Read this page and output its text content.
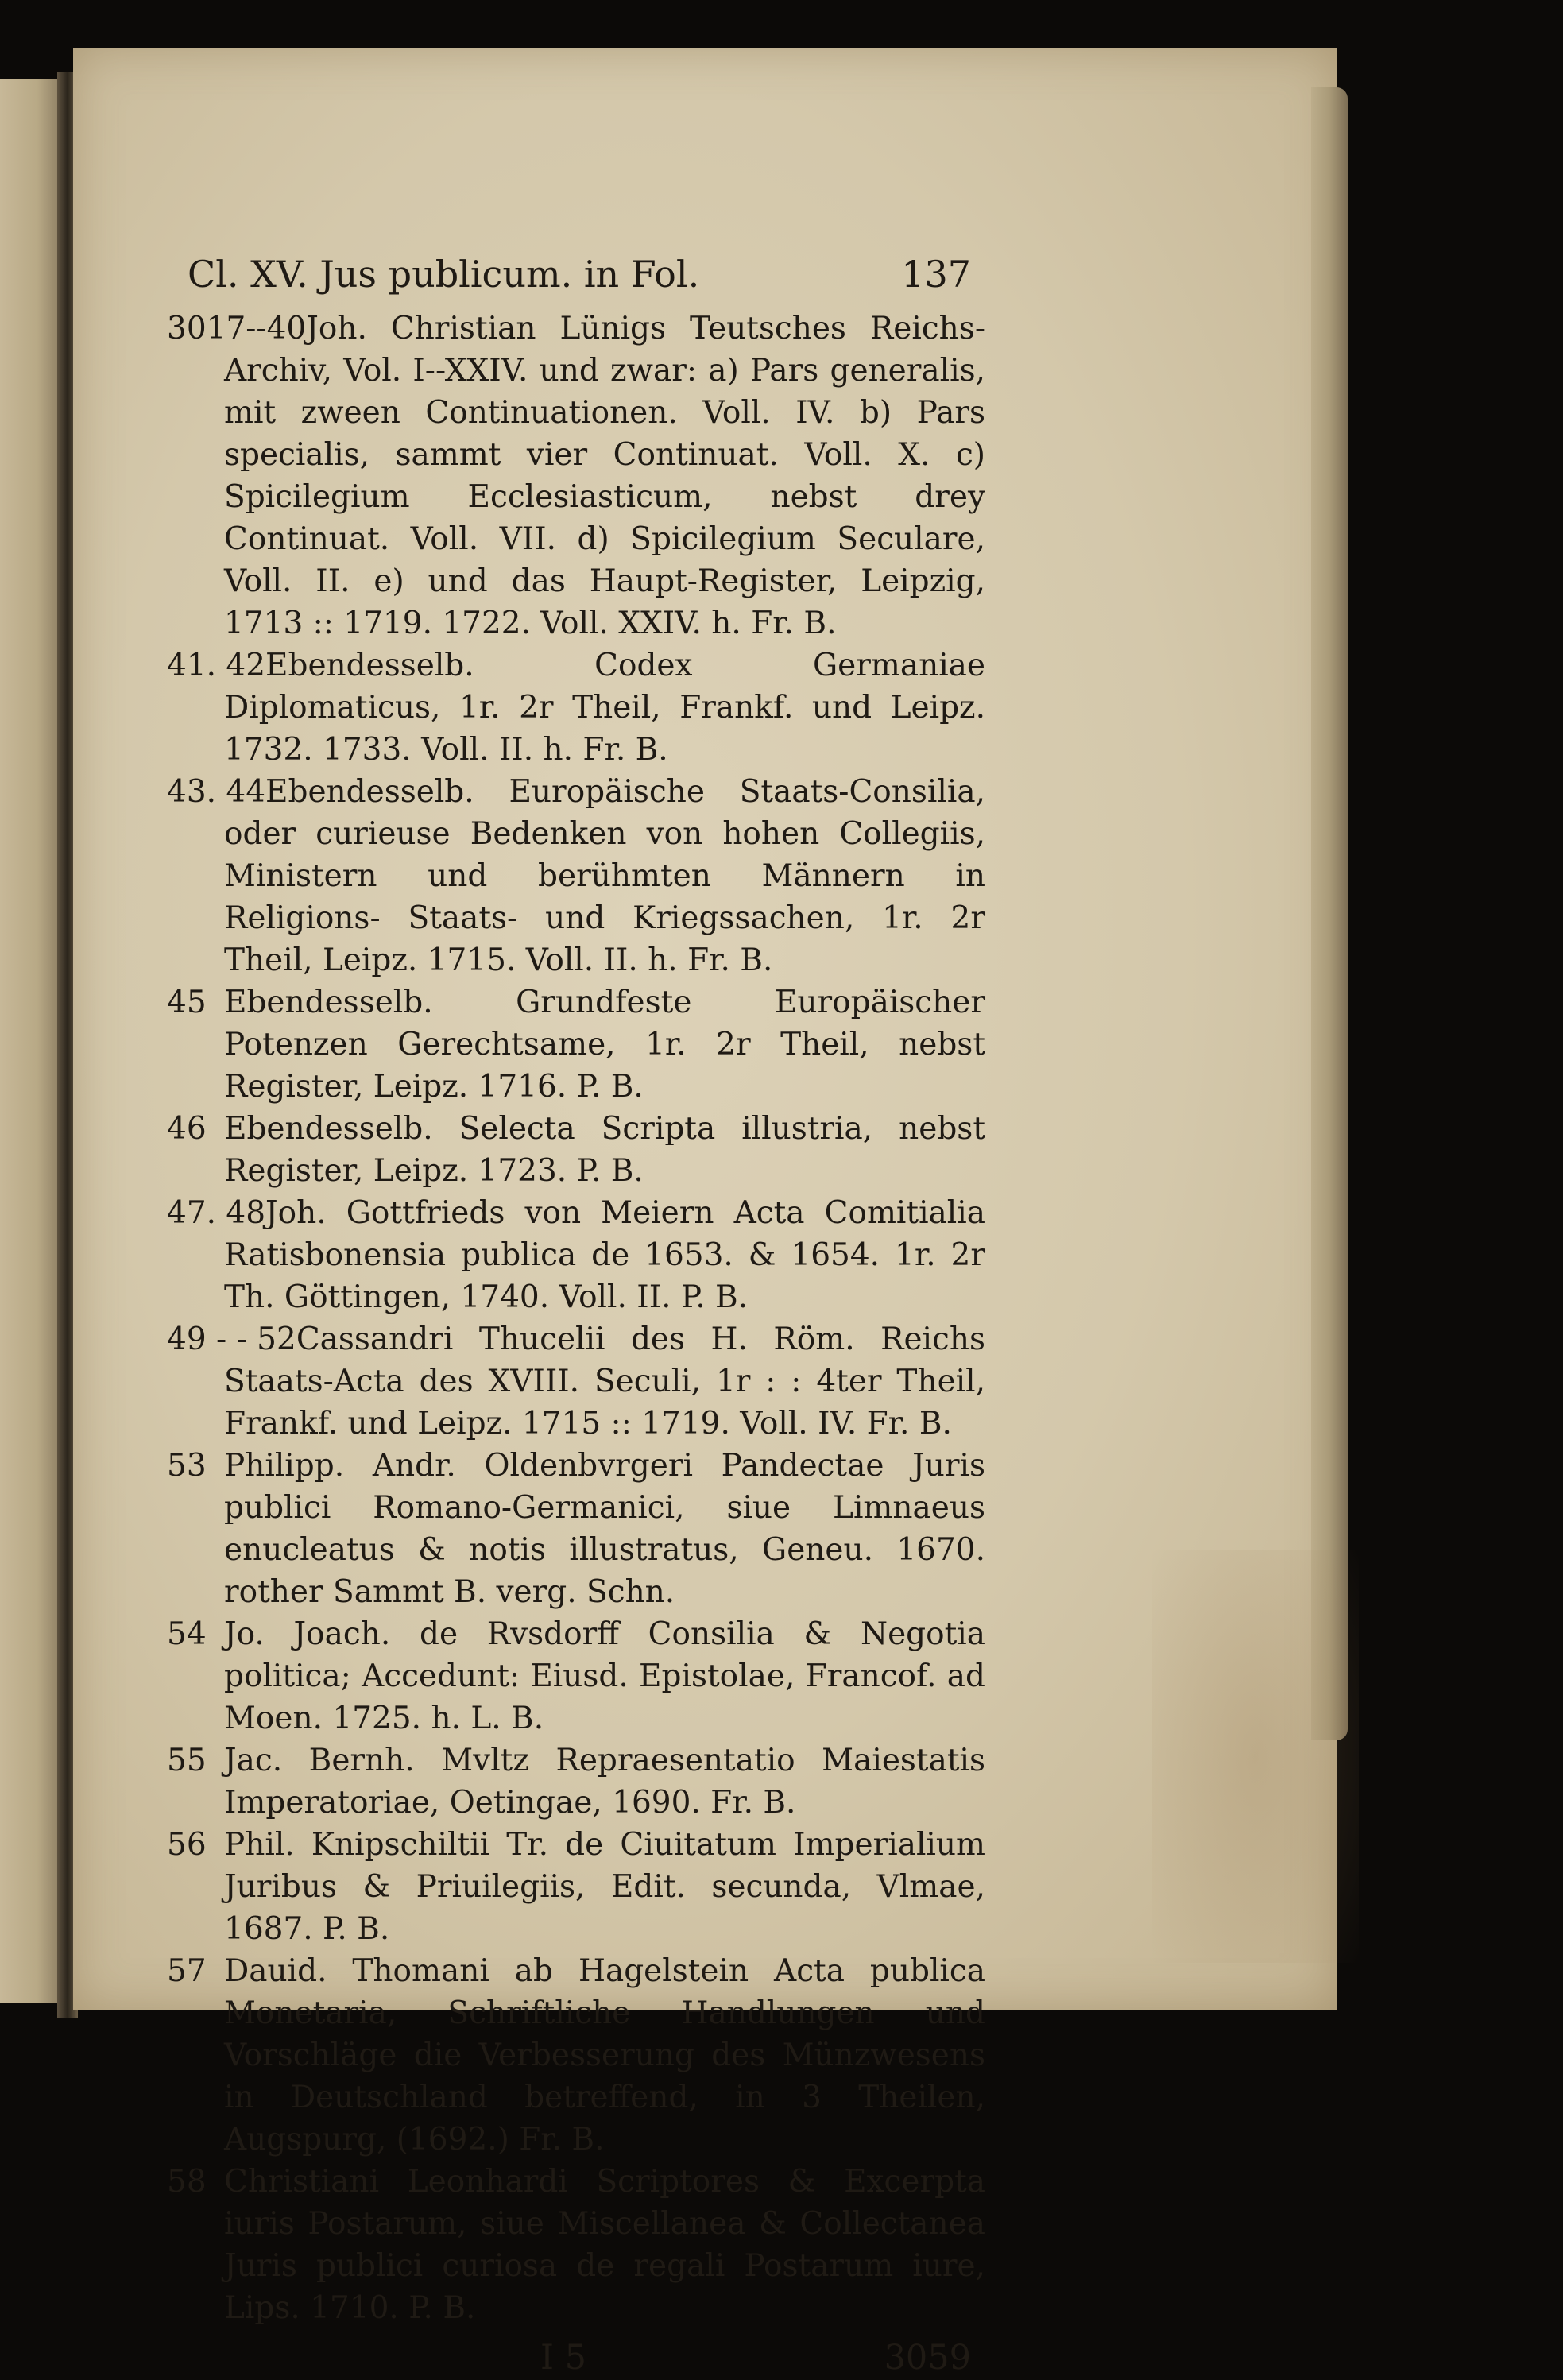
Cl. XV. Jus publicum. in Fol.	137
3017--40Joh. Christian Lünigs Teutsches Reichs-Archiv, Vol. I--XXIV. und zwar: a) Pars generalis, mit zween Continuationen. Voll. IV. b) Pars specialis, sammt vier Continuat. Voll. X. c) Spicilegium Ecclesiasticum, nebst drey Continuat. Voll. VII. d) Spicilegium Seculare, Voll. II. e) und das Haupt-Register, Leipzig, 1713 :: 1719. 1722. Voll. XXIV. h. Fr. B.
41. 42Ebendesselb. Codex Germaniae Diplomaticus, 1r. 2r Theil, Frankf. und Leipz. 1732. 1733. Voll. II. h. Fr. B.
43. 44Ebendesselb. Europäische Staats-Consilia, oder curieuse Bedenken von hohen Collegiis, Ministern und berühmten Männern in Religions- Staats- und Kriegssachen, 1r. 2r Theil, Leipz. 1715. Voll. II. h. Fr. B.
45 Ebendesselb. Grundfeste Europäischer Potenzen Gerechtsame, 1r. 2r Theil, nebst Register, Leipz. 1716. P. B.
46 Ebendesselb. Selecta Scripta illustria, nebst Register, Leipz. 1723. P. B.
47. 48Joh. Gottfrieds von Meiern Acta Comitialia Ratisbonensia publica de 1653. & 1654. 1r. 2r Th. Göttingen, 1740. Voll. II. P. B.
49 - - 52Cassandri Thucelii des H. Röm. Reichs Staats-Acta des XVIII. Seculi, 1r : : 4ter Theil, Frankf. und Leipz. 1715 :: 1719. Voll. IV. Fr. B.
53 Philipp. Andr. Oldenbvrgeri Pandectae Juris publici Romano-Germanici, siue Limnaeus enucleatus & notis illustratus, Geneu. 1670. rother Sammt B. verg. Schn.
54 Jo. Joach. de Rvsdorff Consilia & Negotia politica; Accedunt: Eiusd. Epistolae, Francof. ad Moen. 1725. h. L. B.
55 Jac. Bernh. Mvltz Repraesentatio Maiestatis Imperatoriae, Oetingae, 1690. Fr. B.
56 Phil. Knipschiltii Tr. de Ciuitatum Imperialium Juribus & Priuilegiis, Edit. secunda, Vlmae, 1687. P. B.
57 Dauid. Thomani ab Hagelstein Acta publica Monetaria, Schriftliche Handlungen und Vorschläge die Verbesserung des Münzwesens in Deutschland betreffend, in 3 Theilen, Augspurg, (1692.) Fr. B.
58 Christiani Leonhardi Scriptores & Excerpta iuris Postarum, siue Miscellanea & Collectanea Juris publici curiosa de regali Postarum iure, Lips. 1710. P. B.
I 5	3059
